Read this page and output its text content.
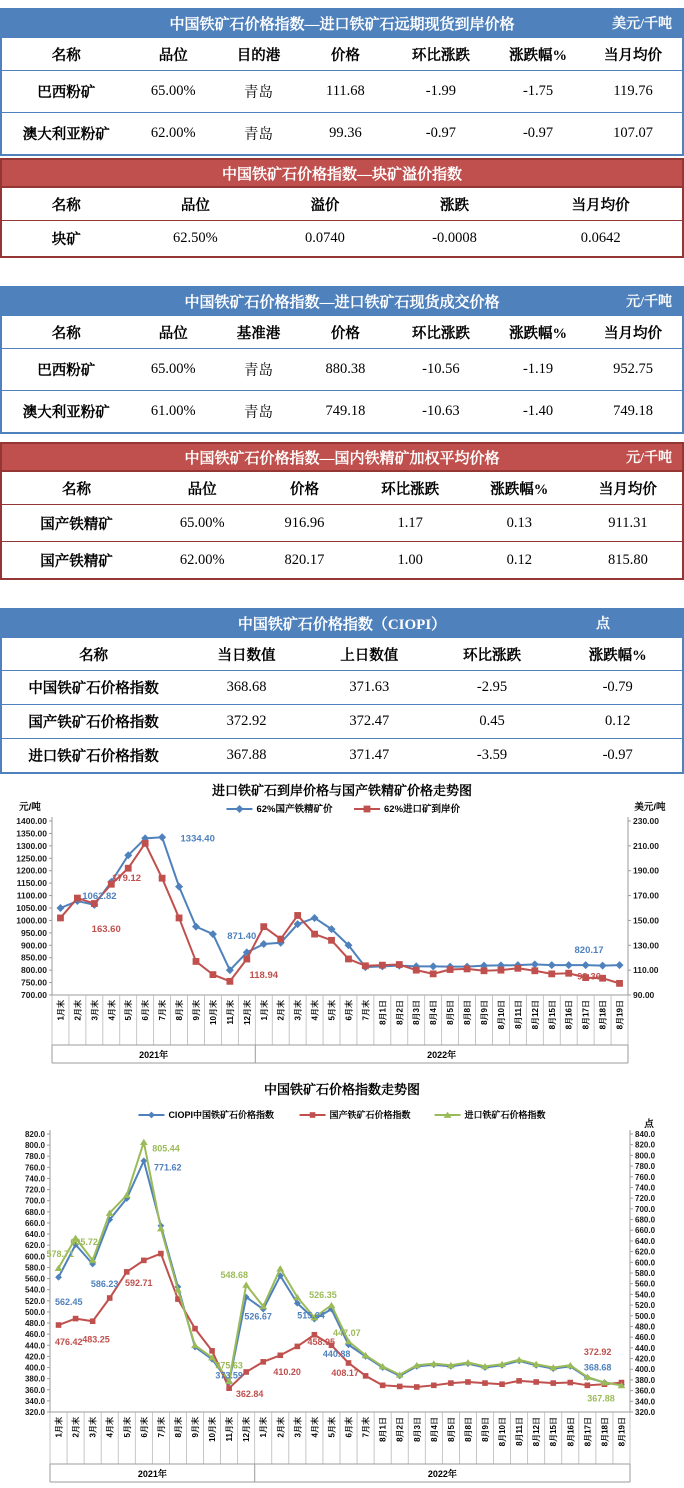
中国铁矿石价格指数—进口铁矿石远期现货到岸价格 美元/千吨						

名称	品位	目的港	价格	环比涨跌	涨跌幅%	当月均价
巴西粉矿	65.00%	青岛	111.68	-1.99	-1.75	119.76
澳大利亚粉矿	62.00%	青岛	99.36	-0.97	-0.97	107.07
中国铁矿石价格指数—块矿溢价指数				
名称	品位	溢价	涨跌	当月均价
块矿	62.50%	0.0740	-0.0008	0.0642
中国铁矿石价格指数—进口铁矿石现货成交价格 元/千吨						

名称	品位	基准港	价格	环比涨跌	涨跌幅%	当月均价
巴西粉矿	65.00%	青岛	880.38	-10.56	-1.19	952.75
澳大利亚粉矿	61.00%	青岛	749.18	-10.63	-1.40	749.18
中国铁矿石价格指数—国内铁精矿加权平均价格 元/千吨					

名称	品位	价格	环比涨跌	涨跌幅%	当月均价
国产铁精矿	65.00%	916.96	1.17	0.13	911.31
国产铁精矿	62.00%	820.17	1.00	0.12	815.80
中国铁矿石价格指数（CIOPI） 点				

名称	当日数值	上日数值	环比涨跌	涨跌幅%
中国铁矿石价格指数	368.68	371.63	-2.95	-0.79
国产铁矿石价格指数	372.92	372.47	0.45	0.12
进口铁矿石价格指数	367.88	371.47	-3.59	-0.97
进口铁矿石到岸价格与国产铁精矿价格走势图
62%国产铁精矿价	62%进口矿到岸价
元/吨	美元/吨
1400.00
1350.00
1300.00
1250.00
1200.00
1150.00
1100.00
1050.00
1000.00
950.00
900.00
850.00
800.00
750.00
700.00
230.00
210.00
190.00
170.00
150.00
130.00
110.00
90.00
1月末 2月末 3月末 4月末 5月末 6月末 7月末 8月末 9月末 10月末 11月末 12月末 1月末 2月末 3月末 4月末 5月末 6月末 7月末 8月1日 8月2日 8月3日 8月4日 8月5日 8月8日 8月9日 8月10日 8月11日 8月12日 8月15日 8月16日 8月17日 8月18日 8月19日
2021年	2022年
1062.82
163.60
179.12
1334.40
871.40
118.94
820.17
99.36
中国铁矿石价格指数走势图
CIOPI中国铁矿石价格指数	国产铁矿石价格指数	进口铁矿石价格指数
点
820.0
800.0
780.0
760.0
740.0
720.0
700.0
680.0
660.0
640.0
620.0
600.0
580.0
560.0
540.0
520.0
500.0
480.0
460.0
440.0
420.0
400.0
380.0
360.0
340.0
320.0
840.0
820.0
800.0
780.0
760.0
740.0
720.0
700.0
680.0
660.0
640.0
620.0
600.0
580.0
560.0
540.0
520.0
500.0
480.0
460.0
440.0
420.0
400.0
380.0
360.0
340.0
320.0
1月末 2月末 3月末 4月末 5月末 6月末 7月末 8月末 9月末 10月末 11月末 12月末 1月末 2月末 3月末 4月末 5月末 6月末 7月末 8月1日 8月2日 8月3日 8月4日 8月5日 8月8日 8月9日 8月10日 8月11日 8月12日 8月15日 8月16日 8月17日 8月18日 8月19日
2021年	2022年
578.71
605.72
562.45
476.42 483.25
586.23 592.71
805.44
771.62
548.68
526.67
375.63
373.59
362.84
410.20
515.64
526.35
458.95
447.07
440.88
408.17
372.92
368.68
367.88
